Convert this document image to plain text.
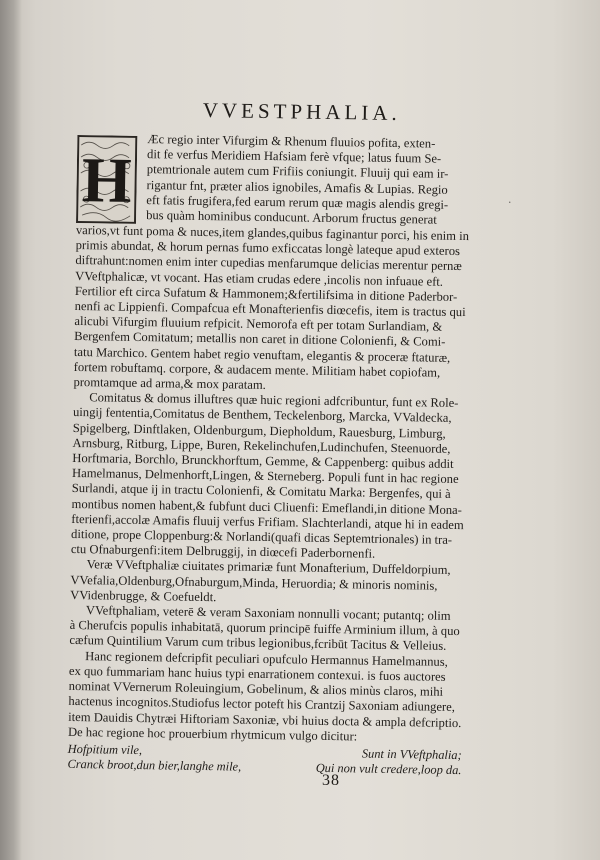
·
VVESTPHALIA.
H
Æc regio inter Vifurgim & Rhenum fluuios pofita, exten-
dit fe verfus Meridiem Hafsiam ferè vfque; latus fuum Se-
ptemtrionale autem cum Frifiis coniungit. Fluuij qui eam ir-
rigantur fnt, præter alios ignobiles, Amafis & Lupias. Regio
eft fatis frugifera,fed earum rerum quæ magis alendis gregi-
bus quàm hominibus conducunt. Arborum fructus generat
varios,vt funt poma & nuces,item glandes,quibus faginantur porci, his enim in
primis abundat, & horum pernas fumo exficcatas longè lateque apud exteros
diftrahunt:nomen enim inter cupedias menfarumque delicias merentur pernæ
VVeftphalicæ, vt vocant. Has etiam crudas edere ,incolis non infuaue eft.
Fertilior eft circa Sufatum & Hammonem;&fertilifsima in ditione Paderbor-
nenfi ac Lippienfi. Compafcua eft Monafterienfis diœcefis, item is tractus qui
alicubi Vifurgim fluuium refpicit. Nemorofa eft per totam Surlandiam, &
Bergenfem Comitatum; metallis non caret in ditione Colonienfi, & Comi-
tatu Marchico. Gentem habet regio venuftam, elegantis & proceræ ftaturæ,
fortem robuftamq. corpore, & audacem mente. Militiam habet copiofam,
promtamque ad arma,& mox paratam.
Comitatus & domus illuftres quæ huic regioni adfcribuntur, funt ex Role-
uingij fententia,Comitatus de Benthem, Teckelenborg, Marcka, VValdecka,
Spigelberg, Dinftlaken, Oldenburgum, Diepholdum, Rauesburg, Limburg,
Arnsburg, Ritburg, Lippe, Buren, Rekelinchufen,Ludinchufen, Steenuorde,
Horftmaria, Borchlo, Brunckhorftum, Gemme, & Cappenberg: quibus addit
Hamelmanus, Delmenhorft,Lingen, & Sterneberg. Populi funt in hac regione
Surlandi, atque ij in tractu Colonienfi, & Comitatu Marka: Bergenfes, qui à
montibus nomen habent,& fubfunt duci Cliuenfi: Emeflandi,in ditione Mona-
fterienfi,accolæ Amafis fluuij verfus Frifiam. Slachterlandi, atque hi in eadem
ditione, prope Cloppenburg:& Norlandi(quafi dicas Septemtrionales) in tra-
ctu Ofnaburgenfi:item Delbruggij, in diœcefi Paderbornenfi.
Veræ VVeftphaliæ ciuitates primariæ funt Monafterium, Duffeldorpium,
VVefalia,Oldenburg,Ofnaburgum,Minda, Heruordia; & minoris nominis,
VVidenbrugge, & Coefueldt.
VVeftphaliam, veterē & veram Saxoniam nonnulli vocant; putantq; olim
à Cherufcis populis inhabitatā, quorum principē fuiffe Arminium illum, à quo
cæfum Quintilium Varum cum tribus legionibus,fcribūt Tacitus & Velleius.
Hanc regionem defcripfit peculiari opufculo Hermannus Hamelmannus,
ex quo fummariam hanc huius typi enarrationem contexui. is fuos auctores
nominat VVernerum Roleuingium, Gobelinum, & alios minùs claros, mihi
hactenus incognitos.Studiofus lector poteft his Crantzij Saxoniam adiungere,
item Dauidis Chytræi Hiftoriam Saxoniæ, vbi huius docta & ampla defcriptio.
De hac regione hoc prouerbium rhytmicum vulgo dicitur:
Hofpitium vile,	Sunt in VVeftphalia;
Cranck broot,dun bier,langhe mile,	Qui non vult credere,loop da.
38
